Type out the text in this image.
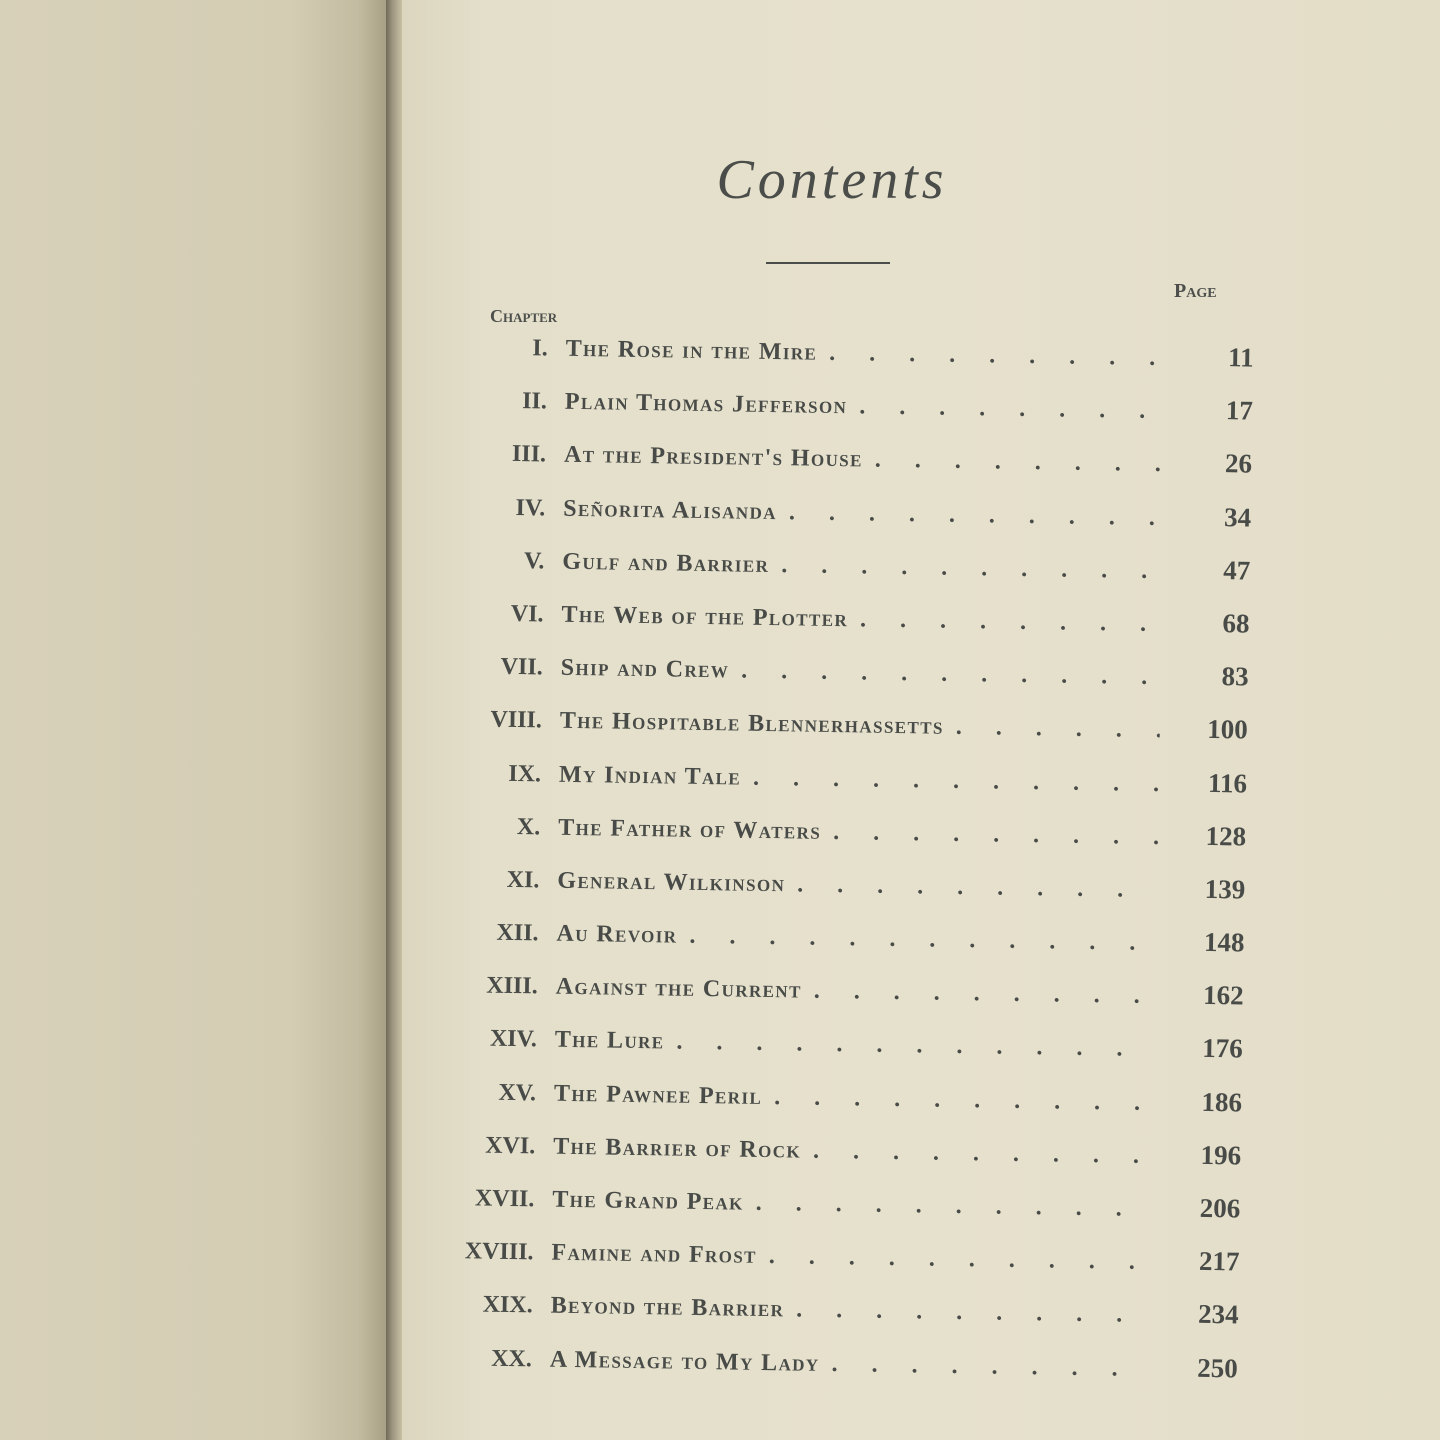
Contents
Page
Chapter
I. The Rose in the Mire . . .	11
II. Plain Thomas Jefferson . . .	17
III. At the President's House . . .	26
IV. Señorita Alisanda . . .	34
V. Gulf and Barrier . . .	47
VI. The Web of the Plotter . . .	68
VII. Ship and Crew . . .	83
VIII. The Hospitable Blennerhassetts . . .	100
IX. My Indian Tale . . .	116
X. The Father of Waters . . .	128
XI. General Wilkinson . . .	139
XII. Au Revoir . . .	148
XIII. Against the Current . . .	162
XIV. The Lure . . .	176
XV. The Pawnee Peril . . .	186
XVI. The Barrier of Rock . . .	196
XVII. The Grand Peak . . .	206
XVIII. Famine and Frost . . .	217
XIX. Beyond the Barrier . . .	234
XX. A Message to My Lady . . .	250
